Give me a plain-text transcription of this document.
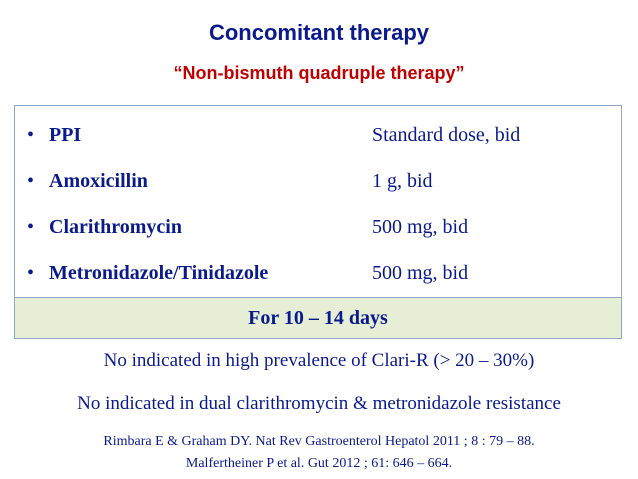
Concomitant therapy
“Non-bismuth quadruple therapy”
• PPI	Standard dose, bid
• Amoxicillin	1 g, bid
• Clarithromycin	500 mg, bid
• Metronidazole/Tinidazole	500 mg, bid
For 10 – 14 days
No indicated in high prevalence of Clari-R (> 20 – 30%)
No indicated in dual clarithromycin & metronidazole resistance
Rimbara E & Graham DY. Nat Rev Gastroenterol Hepatol 2011 ; 8 : 79 – 88.
Malfertheiner P et al. Gut 2012 ; 61: 646 – 664.
